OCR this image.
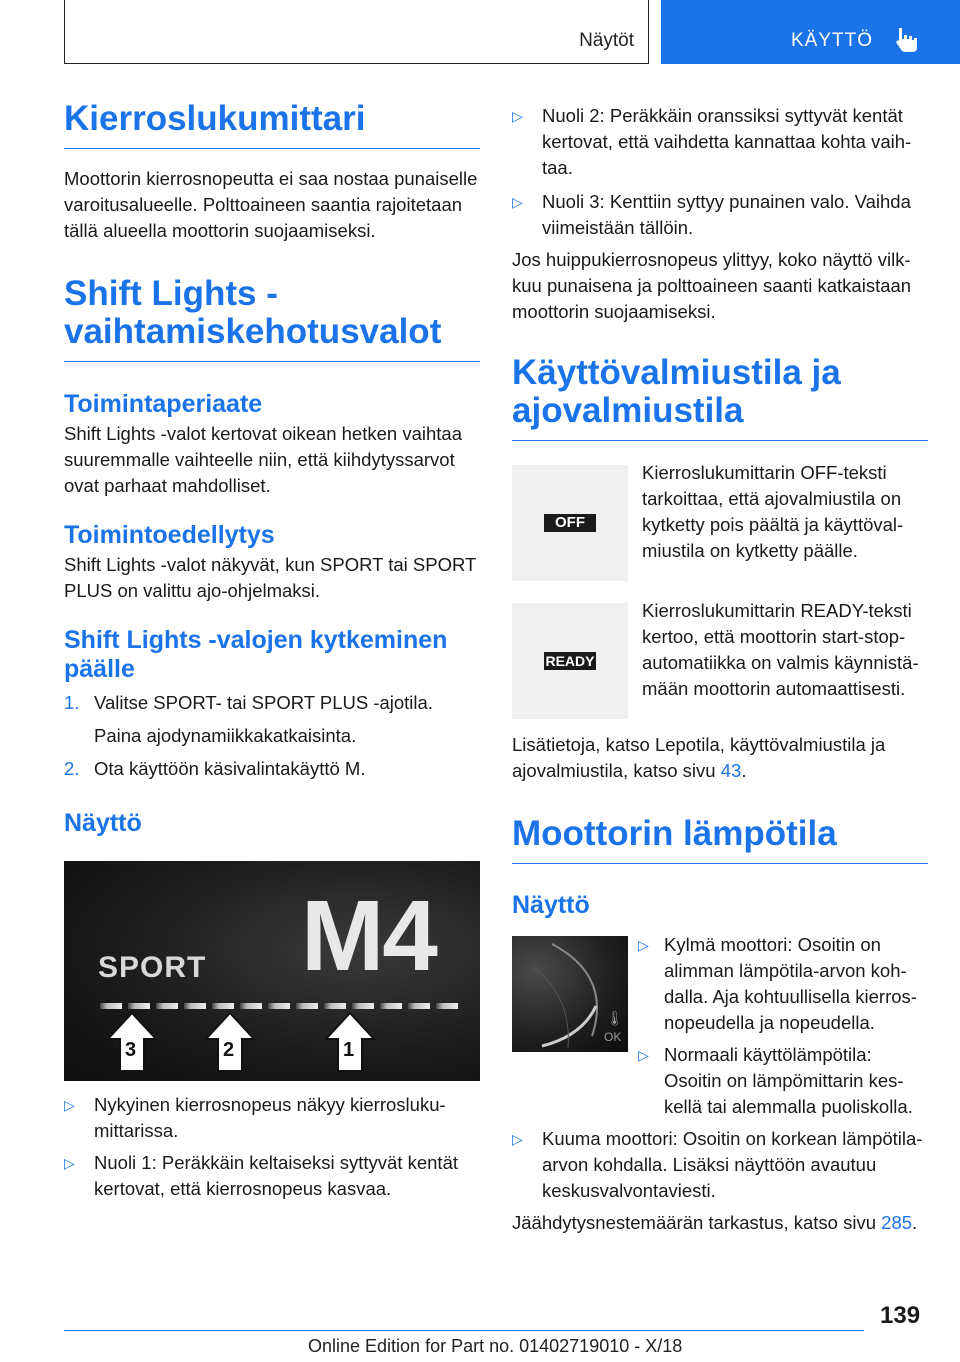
Näytöt	KÄYTTÖ
Kierroslukumittari

Moottorin kierrosnopeutta ei saa nostaa punaiselle varoitusalueelle. Polttoaineen saantia rajoitetaan tällä alueella moottorin suojaamiseksi.

Shift Lights -vaihtamiskehotusvalot
Toimintaperiaate

Shift Lights -valot kertovat oikean hetken vaihtaa suuremmalle vaihteelle niin, että kiihdytyssarvot ovat parhaat mahdolliset.

Toimintoedellytys

Shift Lights -valot näkyvät, kun SPORT tai SPORT PLUS on valittu ajo-ohjelmaksi.

Shift Lights -valojen kytkeminen päälle
1. Valitse SPORT- tai SPORT PLUS -ajotila.
Paina ajodynamiikkakatkaisinta.
2. Ota käyttöön käsivalintakäyttö M.
Näyttö
SPORT M4
3	2	1
▷ Nykyinen kierrosnopeus näkyy kierroslukumittarissa.
▷ Nuoli 1: Peräkkäin keltaiseksi syttyvät kentät kertovat, että kierrosnopeus kasvaa.
▷ Nuoli 2: Peräkkäin oranssiksi syttyvät kentät kertovat, että vaihdetta kannattaa kohta vaihtaa.
▷ Nuoli 3: Kenttiin syttyy punainen valo. Vaihda viimeistään tällöin.

Jos huippukierrosnopeus ylittyy, koko näyttö vilkkuu punaisena ja polttoaineen saanti katkaistaan moottorin suojaamiseksi.

Käyttövalmiustila ja ajovalmiustila
OFF

Kierroslukumittarin OFF-teksti tarkoittaa, että ajovalmiustila on kytketty pois päältä ja käyttövalmiustila on kytketty päälle.

READY

Kierroslukumittarin READY-teksti kertoo, että moottorin start-stop-automatiikka on valmis käynnistämään moottorin automaattisesti.

Lisätietoja, katso Lepotila, käyttövalmiustila ja ajovalmiustila, katso sivu 43.

Moottorin lämpötila
Näyttö
OK
🌡
▷ Kylmä moottori: Osoitin on alimman lämpötila-arvon kohdalla. Aja kohtuullisella kierrosnopeudella ja nopeudella.
▷ Normaali käyttölämpötila: Osoitin on lämpömittarin keskellä tai alemmalla puoliskolla.
▷ Kuuma moottori: Osoitin on korkean lämpötila-arvon kohdalla. Lisäksi näyttöön avautuu keskusvalvontaviesti.

Jäähdytysnestemäärän tarkastus, katso sivu 285.

139
Online Edition for Part no. 01402719010 - X/18
